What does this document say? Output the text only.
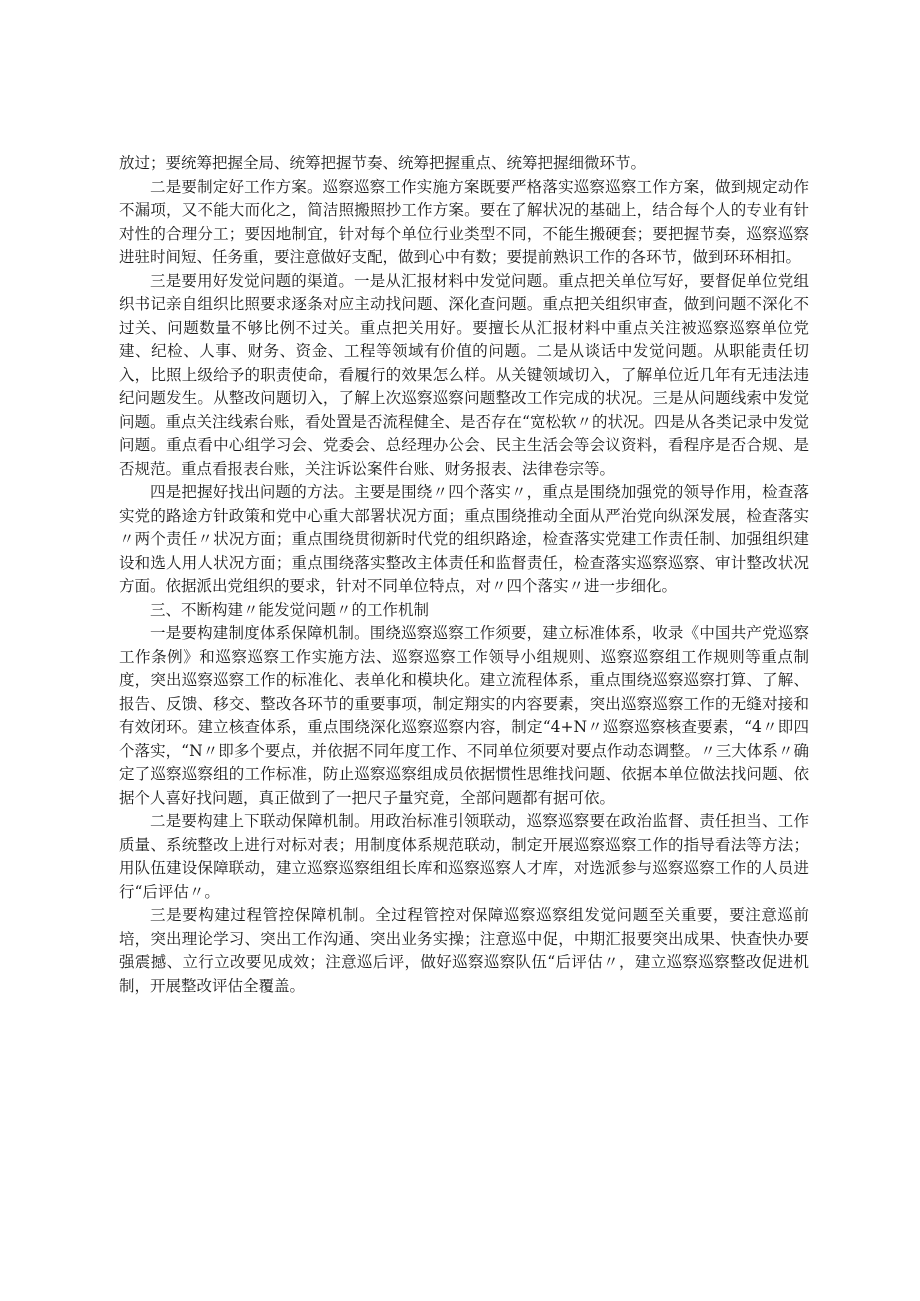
放过；要统筹把握全局、统筹把握节奏、统筹把握重点、统筹把握细微环节。

二是要制定好工作方案。巡察巡察工作实施方案既要严格落实巡察巡察工作方案，做到规定动作不漏项，又不能大而化之，简洁照搬照抄工作方案。要在了解状况的基础上，结合每个人的专业有针对性的合理分工；要因地制宜，针对每个单位行业类型不同，不能生搬硬套；要把握节奏，巡察巡察进驻时间短、任务重，要注意做好支配，做到心中有数；要提前熟识工作的各环节，做到环环相扣。

三是要用好发觉问题的渠道。一是从汇报材料中发觉问题。重点把关单位写好，要督促单位党组织书记亲自组织比照要求逐条对应主动找问题、深化查问题。重点把关组织审查，做到问题不深化不过关、问题数量不够比例不过关。重点把关用好。要擅长从汇报材料中重点关注被巡察巡察单位党建、纪检、人事、财务、资金、工程等领域有价值的问题。二是从谈话中发觉问题。从职能责任切入，比照上级给予的职责使命，看履行的效果怎么样。从关键领域切入，了解单位近几年有无违法违纪问题发生。从整改问题切入，了解上次巡察巡察问题整改工作完成的状况。三是从问题线索中发觉问题。重点关注线索台账，看处置是否流程健全、是否存在“宽松软〃的状况。四是从各类记录中发觉问题。重点看中心组学习会、党委会、总经理办公会、民主生活会等会议资料，看程序是否合规、是否规范。重点看报表台账，关注诉讼案件台账、财务报表、法律卷宗等。

四是把握好找出问题的方法。主要是围绕〃四个落实〃，重点是围绕加强党的领导作用，检查落实党的路途方针政策和党中心重大部署状况方面；重点围绕推动全面从严治党向纵深发展，检查落实〃两个责任〃状况方面；重点围绕贯彻新时代党的组织路途，检查落实党建工作责任制、加强组织建设和选人用人状况方面；重点围绕落实整改主体责任和监督责任，检查落实巡察巡察、审计整改状况方面。依据派出党组织的要求，针对不同单位特点，对〃四个落实〃进一步细化。

三、不断构建〃能发觉问题〃的工作机制

一是要构建制度体系保障机制。围绕巡察巡察工作须要，建立标准体系，收录《中国共产党巡察工作条例》和巡察巡察工作实施方法、巡察巡察工作领导小组规则、巡察巡察组工作规则等重点制度，突出巡察巡察工作的标准化、表单化和模块化。建立流程体系，重点围绕巡察巡察打算、了解、报告、反馈、移交、整改各环节的重要事项，制定翔实的内容要素，突出巡察巡察工作的无缝对接和有效闭环。建立核查体系，重点围绕深化巡察巡察内容，制定“4+N〃巡察巡察核查要素，“4〃即四个落实，“N〃即多个要点，并依据不同年度工作、不同单位须要对要点作动态调整。〃三大体系〃确定了巡察巡察组的工作标准，防止巡察巡察组成员依据惯性思维找问题、依据本单位做法找问题、依据个人喜好找问题，真正做到了一把尺子量究竟，全部问题都有据可依。

二是要构建上下联动保障机制。用政治标准引领联动，巡察巡察要在政治监督、责任担当、工作质量、系统整改上进行对标对表；用制度体系规范联动，制定开展巡察巡察工作的指导看法等方法；用队伍建设保障联动，建立巡察巡察组组长库和巡察巡察人才库，对选派参与巡察巡察工作的人员进行“后评估〃。

三是要构建过程管控保障机制。全过程管控对保障巡察巡察组发觉问题至关重要，要注意巡前培，突出理论学习、突出工作沟通、突出业务实操；注意巡中促，中期汇报要突出成果、快查快办要强震撼、立行立改要见成效；注意巡后评，做好巡察巡察队伍“后评估〃，建立巡察巡察整改促进机制，开展整改评估全覆盖。
